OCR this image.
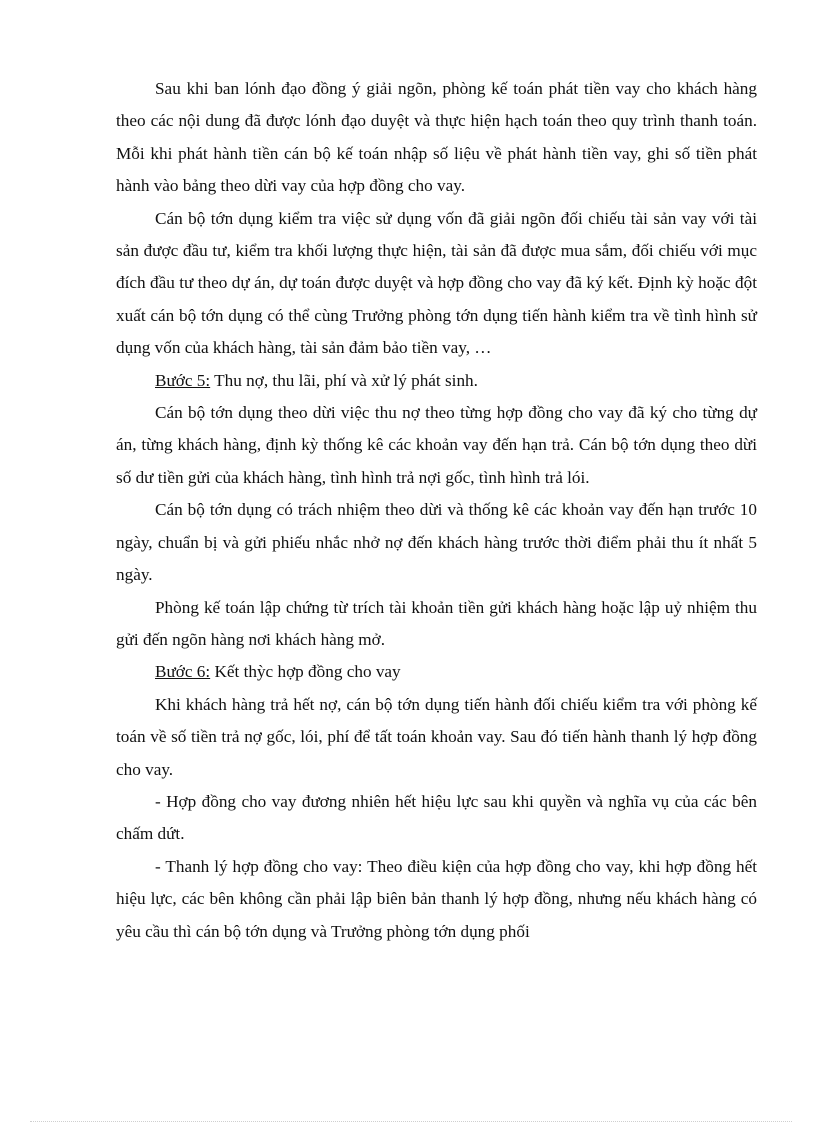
Sau khi ban lónh đạo đồng ý giải ngõn, phòng kế toán phát tiền vay cho khách hàng theo các nội dung đã được lónh đạo duyệt và thực hiện hạch toán theo quy trình thanh toán. Mỗi khi phát hành tiền cán bộ kế toán nhập số liệu về phát hành tiền vay, ghi số tiền phát hành vào bảng theo dừi vay của hợp đồng cho vay.

Cán bộ tớn dụng kiểm tra việc sử dụng vốn đã giải ngõn đối chiếu tài sản vay với tài sản được đầu tư, kiểm tra khối lượng thực hiện, tài sản đã được mua sắm, đối chiếu với mục đích đầu tư theo dự án, dự toán được duyệt và hợp đồng cho vay đã ký kết. Định kỳ hoặc đột xuất cán bộ tớn dụng có thể cùng Trưởng phòng tớn dụng tiến hành kiểm tra về tình hình sử dụng vốn của khách hàng, tài sản đảm bảo tiền vay, …

Bước 5: Thu nợ, thu lãi, phí và xử lý phát sinh.

Cán bộ tớn dụng theo dừi việc thu nợ theo từng hợp đồng cho vay đã ký cho từng dự án, từng khách hàng, định kỳ thống kê các khoản vay đến hạn trả. Cán bộ tớn dụng theo dừi số dư tiền gửi của khách hàng, tình hình trả nợi gốc, tình hình trả lói.

Cán bộ tớn dụng có trách nhiệm theo dừi và thống kê các khoản vay đến hạn trước 10 ngày, chuẩn bị và gửi phiếu nhắc nhở nợ đến khách hàng trước thời điểm phải thu ít nhất 5 ngày.

Phòng kế toán lập chứng từ trích tài khoản tiền gửi khách hàng hoặc lập uỷ nhiệm thu gửi đến ngõn hàng nơi khách hàng mở.

Bước 6: Kết thỳc hợp đồng cho vay

Khi khách hàng trả hết nợ, cán bộ tớn dụng tiến hành đối chiếu kiểm tra với phòng kế toán về số tiền trả nợ gốc, lói, phí để tất toán khoản vay. Sau đó tiến hành thanh lý hợp đồng cho vay.

- Hợp đồng cho vay đương nhiên hết hiệu lực sau khi quyền và nghĩa vụ của các bên chấm dứt.

- Thanh lý hợp đồng cho vay: Theo điều kiện của hợp đồng cho vay, khi hợp đồng hết hiệu lực, các bên không cần phải lập biên bản thanh lý hợp đồng, nhưng nếu khách hàng có yêu cầu thì cán bộ tớn dụng và Trưởng phòng tớn dụng phối
